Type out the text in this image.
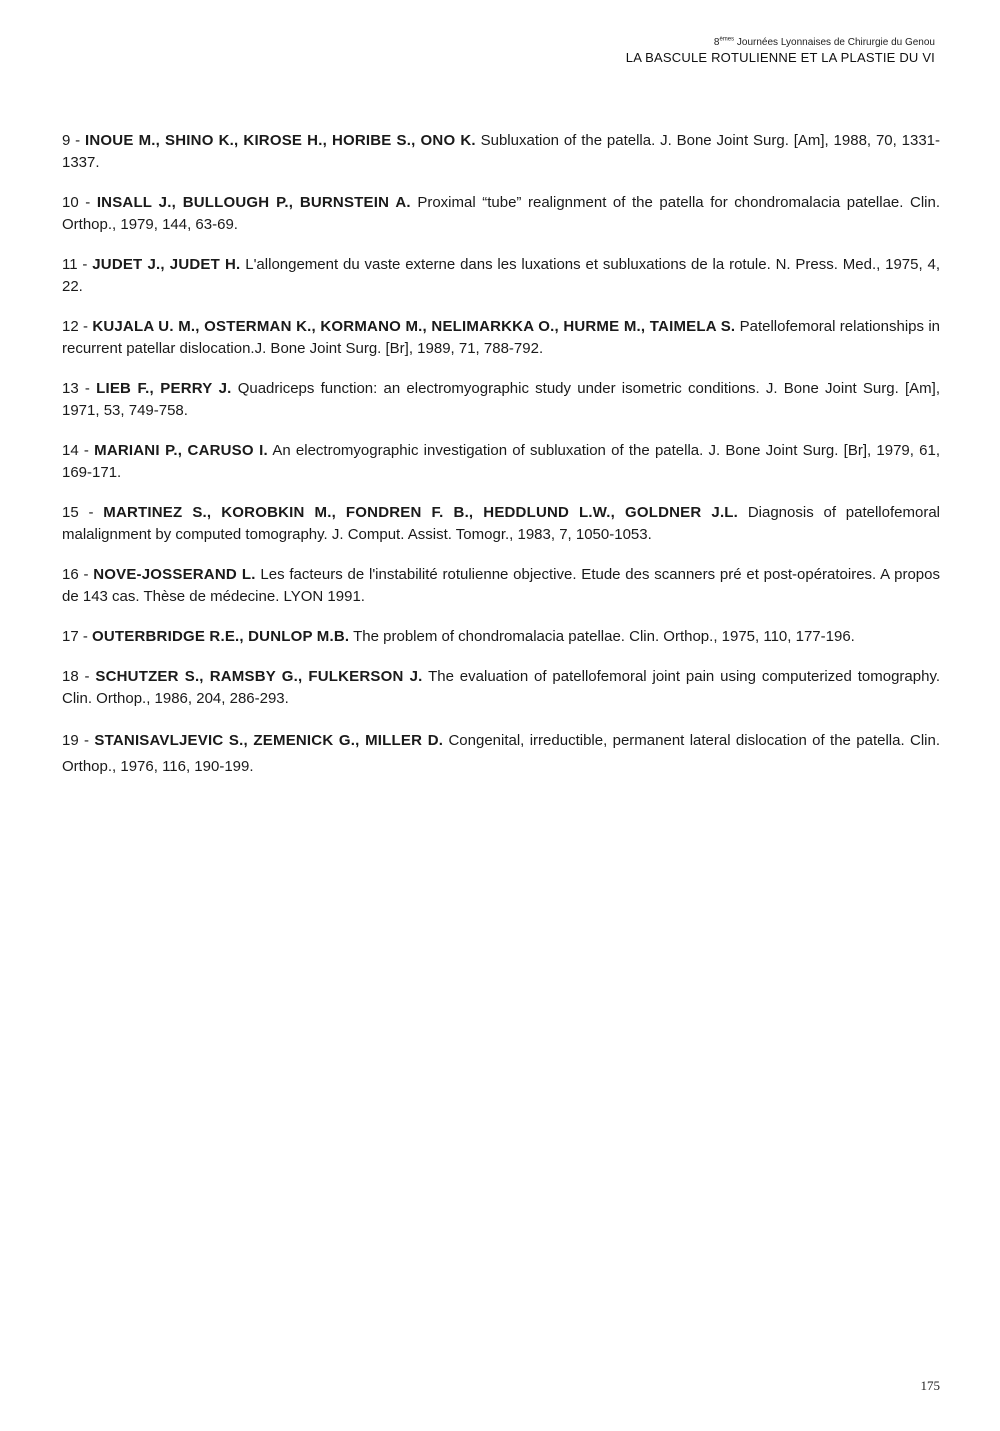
8èmes Journées Lyonnaises de Chirurgie du Genou
LA BASCULE ROTULIENNE ET LA PLASTIE DU VI

9 - INOUE M., SHINO K., KIROSE H., HORIBE S., ONO K. Subluxation of the patella. J. Bone Joint Surg. [Am], 1988, 70, 1331-1337.

10 - INSALL J., BULLOUGH P., BURNSTEIN A. Proximal “tube” realignment of the patella for chondromalacia patellae. Clin. Orthop., 1979, 144, 63-69.

11 - JUDET J., JUDET H. L'allongement du vaste externe dans les luxations et subluxations de la rotule. N. Press. Med., 1975, 4, 22.

12 - KUJALA U. M., OSTERMAN K., KORMANO M., NELIMARKKA O., HURME M., TAIMELA S. Patellofemoral relationships in recurrent patellar dislocation.J. Bone Joint Surg. [Br], 1989, 71, 788-792.

13 - LIEB F., PERRY J. Quadriceps function: an electromyographic study under isometric conditions. J. Bone Joint Surg. [Am], 1971, 53, 749-758.

14 - MARIANI P., CARUSO I. An electromyographic investigation of subluxation of the patella. J. Bone Joint Surg. [Br], 1979, 61, 169-171.

15 - MARTINEZ S., KOROBKIN M., FONDREN F. B., HEDDLUND L.W., GOLDNER J.L. Diagnosis of patellofemoral malalignment by computed tomography. J. Comput. Assist. Tomogr., 1983, 7, 1050-1053.

16 - NOVE-JOSSERAND L. Les facteurs de l'instabilité rotulienne objective. Etude des scanners pré et post-opératoires. A propos de 143 cas. Thèse de médecine. LYON 1991.

17 - OUTERBRIDGE R.E., DUNLOP M.B. The problem of chondromalacia patellae. Clin. Orthop., 1975, 110, 177-196.

18 - SCHUTZER S., RAMSBY G., FULKERSON J. The evaluation of patellofemoral joint pain using computerized tomography. Clin. Orthop., 1986, 204, 286-293.

19 - STANISAVLJEVIC S., ZEMENICK G., MILLER D. Congenital, irreductible, permanent lateral dislocation of the patella. Clin. Orthop., 1976, 116, 190-199.

175
